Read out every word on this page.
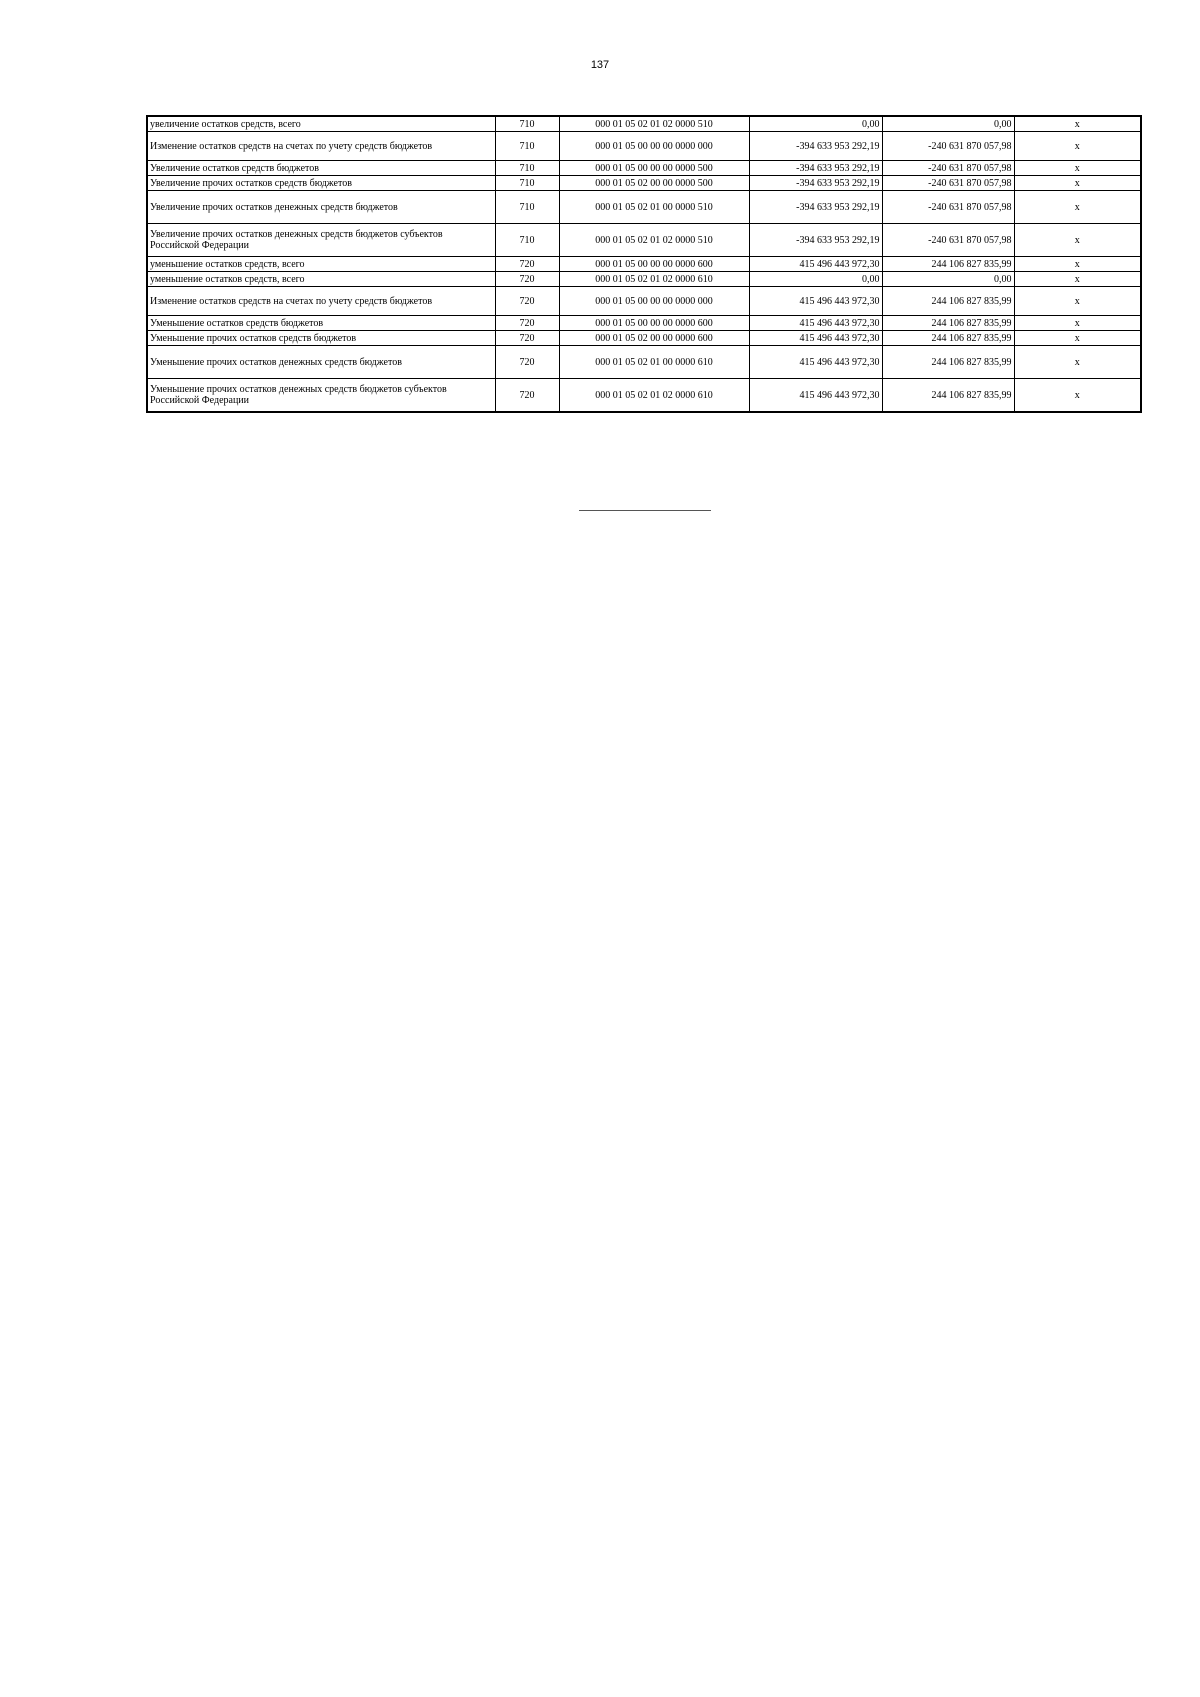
137
увеличение остатков средств, всего	710	000 01 05 02 01 02 0000 510	0,00	0,00	x
Изменение остатков средств на счетах по учету средств бюджетов	710	000 01 05 00 00 00 0000 000	-394 633 953 292,19	-240 631 870 057,98	x
Увеличение остатков средств бюджетов	710	000 01 05 00 00 00 0000 500	-394 633 953 292,19	-240 631 870 057,98	x
Увеличение прочих остатков средств бюджетов	710	000 01 05 02 00 00 0000 500	-394 633 953 292,19	-240 631 870 057,98	x
Увеличение прочих остатков денежных средств бюджетов	710	000 01 05 02 01 00 0000 510	-394 633 953 292,19	-240 631 870 057,98	x
Увеличение прочих остатков денежных средств бюджетов субъектов Российской Федерации	710	000 01 05 02 01 02 0000 510	-394 633 953 292,19	-240 631 870 057,98	x
уменьшение остатков средств, всего	720	000 01 05 00 00 00 0000 600	415 496 443 972,30	244 106 827 835,99	x
уменьшение остатков средств, всего	720	000 01 05 02 01 02 0000 610	0,00	0,00	x
Изменение остатков средств на счетах по учету средств бюджетов	720	000 01 05 00 00 00 0000 000	415 496 443 972,30	244 106 827 835,99	x
Уменьшение остатков средств бюджетов	720	000 01 05 00 00 00 0000 600	415 496 443 972,30	244 106 827 835,99	x
Уменьшение прочих остатков средств бюджетов	720	000 01 05 02 00 00 0000 600	415 496 443 972,30	244 106 827 835,99	x
Уменьшение прочих остатков денежных средств бюджетов	720	000 01 05 02 01 00 0000 610	415 496 443 972,30	244 106 827 835,99	x
Уменьшение прочих остатков денежных средств бюджетов субъектов Российской Федерации	720	000 01 05 02 01 02 0000 610	415 496 443 972,30	244 106 827 835,99	x
